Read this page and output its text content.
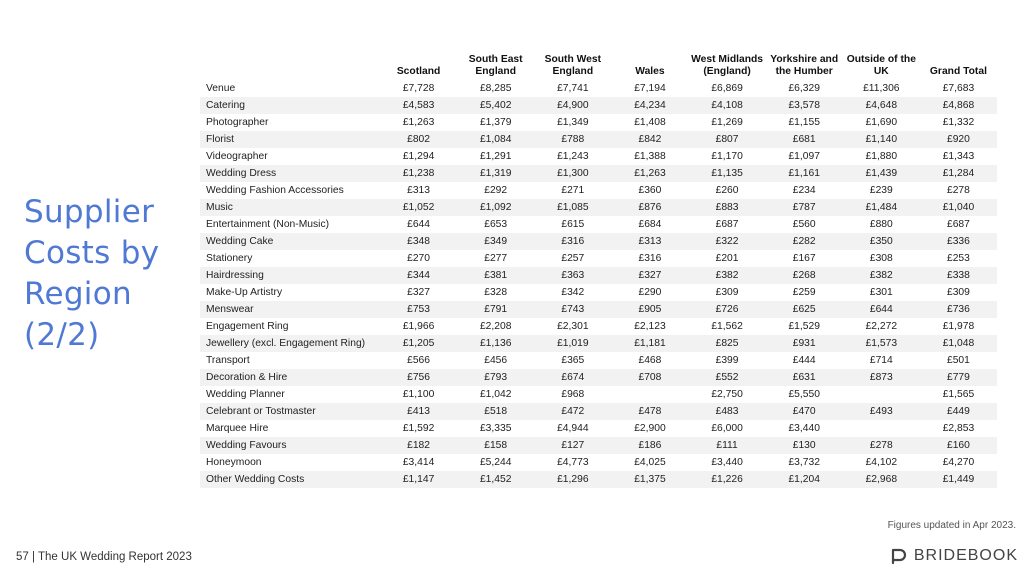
Supplier
Costs by
Region
(2/2)
	Scotland	South East England	South West England	Wales	West Midlands (England)	Yorkshire and the Humber	Outside of the UK	Grand Total
Venue	£7,728	£8,285	£7,741	£7,194	£6,869	£6,329	£11,306	£7,683
Catering	£4,583	£5,402	£4,900	£4,234	£4,108	£3,578	£4,648	£4,868
Photographer	£1,263	£1,379	£1,349	£1,408	£1,269	£1,155	£1,690	£1,332
Florist	£802	£1,084	£788	£842	£807	£681	£1,140	£920
Videographer	£1,294	£1,291	£1,243	£1,388	£1,170	£1,097	£1,880	£1,343
Wedding Dress	£1,238	£1,319	£1,300	£1,263	£1,135	£1,161	£1,439	£1,284
Wedding Fashion Accessories	£313	£292	£271	£360	£260	£234	£239	£278
Music	£1,052	£1,092	£1,085	£876	£883	£787	£1,484	£1,040
Entertainment (Non-Music)	£644	£653	£615	£684	£687	£560	£880	£687
Wedding Cake	£348	£349	£316	£313	£322	£282	£350	£336
Stationery	£270	£277	£257	£316	£201	£167	£308	£253
Hairdressing	£344	£381	£363	£327	£382	£268	£382	£338
Make-Up Artistry	£327	£328	£342	£290	£309	£259	£301	£309
Menswear	£753	£791	£743	£905	£726	£625	£644	£736
Engagement Ring	£1,966	£2,208	£2,301	£2,123	£1,562	£1,529	£2,272	£1,978
Jewellery (excl. Engagement Ring)	£1,205	£1,136	£1,019	£1,181	£825	£931	£1,573	£1,048
Transport	£566	£456	£365	£468	£399	£444	£714	£501
Decoration & Hire	£756	£793	£674	£708	£552	£631	£873	£779
Wedding Planner	£1,100	£1,042	£968		£2,750	£5,550		£1,565
Celebrant or Tostmaster	£413	£518	£472	£478	£483	£470	£493	£449
Marquee Hire	£1,592	£3,335	£4,944	£2,900	£6,000	£3,440		£2,853
Wedding Favours	£182	£158	£127	£186	£111	£130	£278	£160
Honeymoon	£3,414	£5,244	£4,773	£4,025	£3,440	£3,732	£4,102	£4,270
Other Wedding Costs	£1,147	£1,452	£1,296	£1,375	£1,226	£1,204	£2,968	£1,449
Figures updated in Apr 2023.
57 | The UK Wedding Report 2023	BRIDEBOOK
